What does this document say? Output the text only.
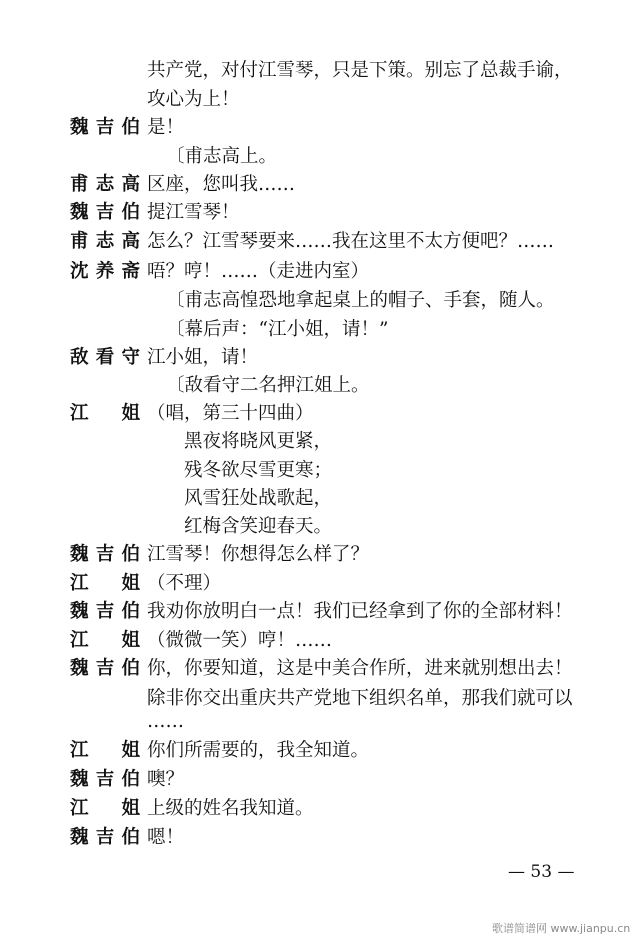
共产党，对付江雪琴，只是下策。别忘了总裁手谕，
攻心为上！
魏 吉 伯 是！
〔甫志高上。
甫 志 高 区座，您叫我……
魏 吉 伯 提江雪琴！
甫 志 高 怎么？江雪琴要来……我在这里不太方便吧？……
沈 养 斋 唔？哼！……（走进内室）
〔甫志高惶恐地拿起桌上的帽子、手套，随人。
〔幕后声：“江小姐，请！”
敌 看 守 江小姐，请！
〔敌看守二名押江姐上。
江 姐 （唱，第三十四曲）
黑夜将晓风更紧，
残冬欲尽雪更寒；
风雪狂处战歌起，
红梅含笑迎春天。
魏 吉 伯 江雪琴！你想得怎么样了？
江 姐 （不理）
魏 吉 伯 我劝你放明白一点！我们已经拿到了你的全部材料！
江 姐 （微微一笑）哼！……
魏 吉 伯 你，你要知道，这是中美合作所，进来就别想出去！
除非你交出重庆共产党地下组织名单，那我们就可以
……
江 姐 你们所需要的，我全知道。
魏 吉 伯 噢？
江 姐 上级的姓名我知道。
魏 吉 伯 嗯！
— 53 —
歌谱简谱网 www.jianpu.cn
